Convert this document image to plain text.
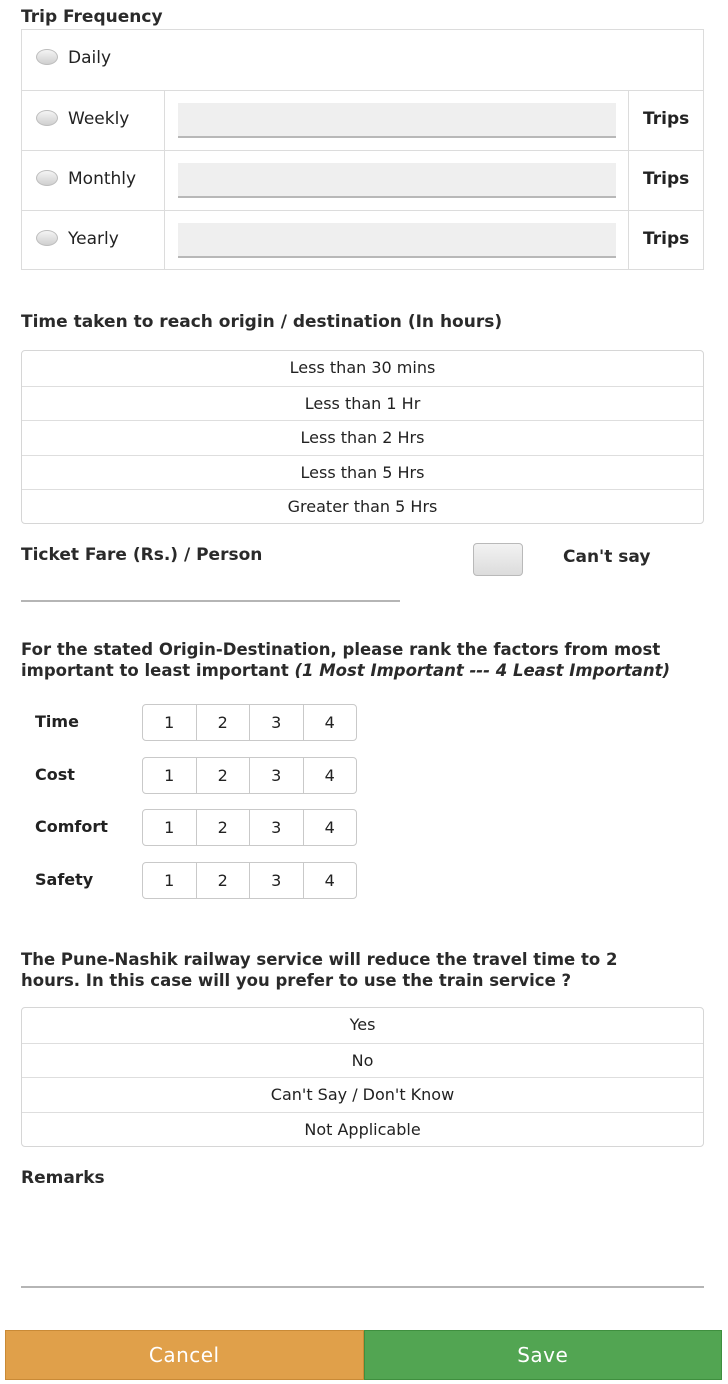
Trip Frequency
Daily
Weekly	Trips
Monthly	Trips
Yearly	Trips
Time taken to reach origin / destination (In hours)
Less than 30 mins
Less than 1 Hr
Less than 2 Hrs
Less than 5 Hrs
Greater than 5 Hrs
Ticket Fare (Rs.) / Person	Can't say
For the stated Origin-Destination, please rank the factors from most important to least important (1 Most Important --- 4 Least Important)
Time	1	2	3	4
Cost	1	2	3	4
Comfort	1	2	3	4
Safety	1	2	3	4
The Pune-Nashik railway service will reduce the travel time to 2 hours. In this case will you prefer to use the train service ?
Yes
No
Can't Say / Don't Know
Not Applicable
Remarks
Cancel	Save
